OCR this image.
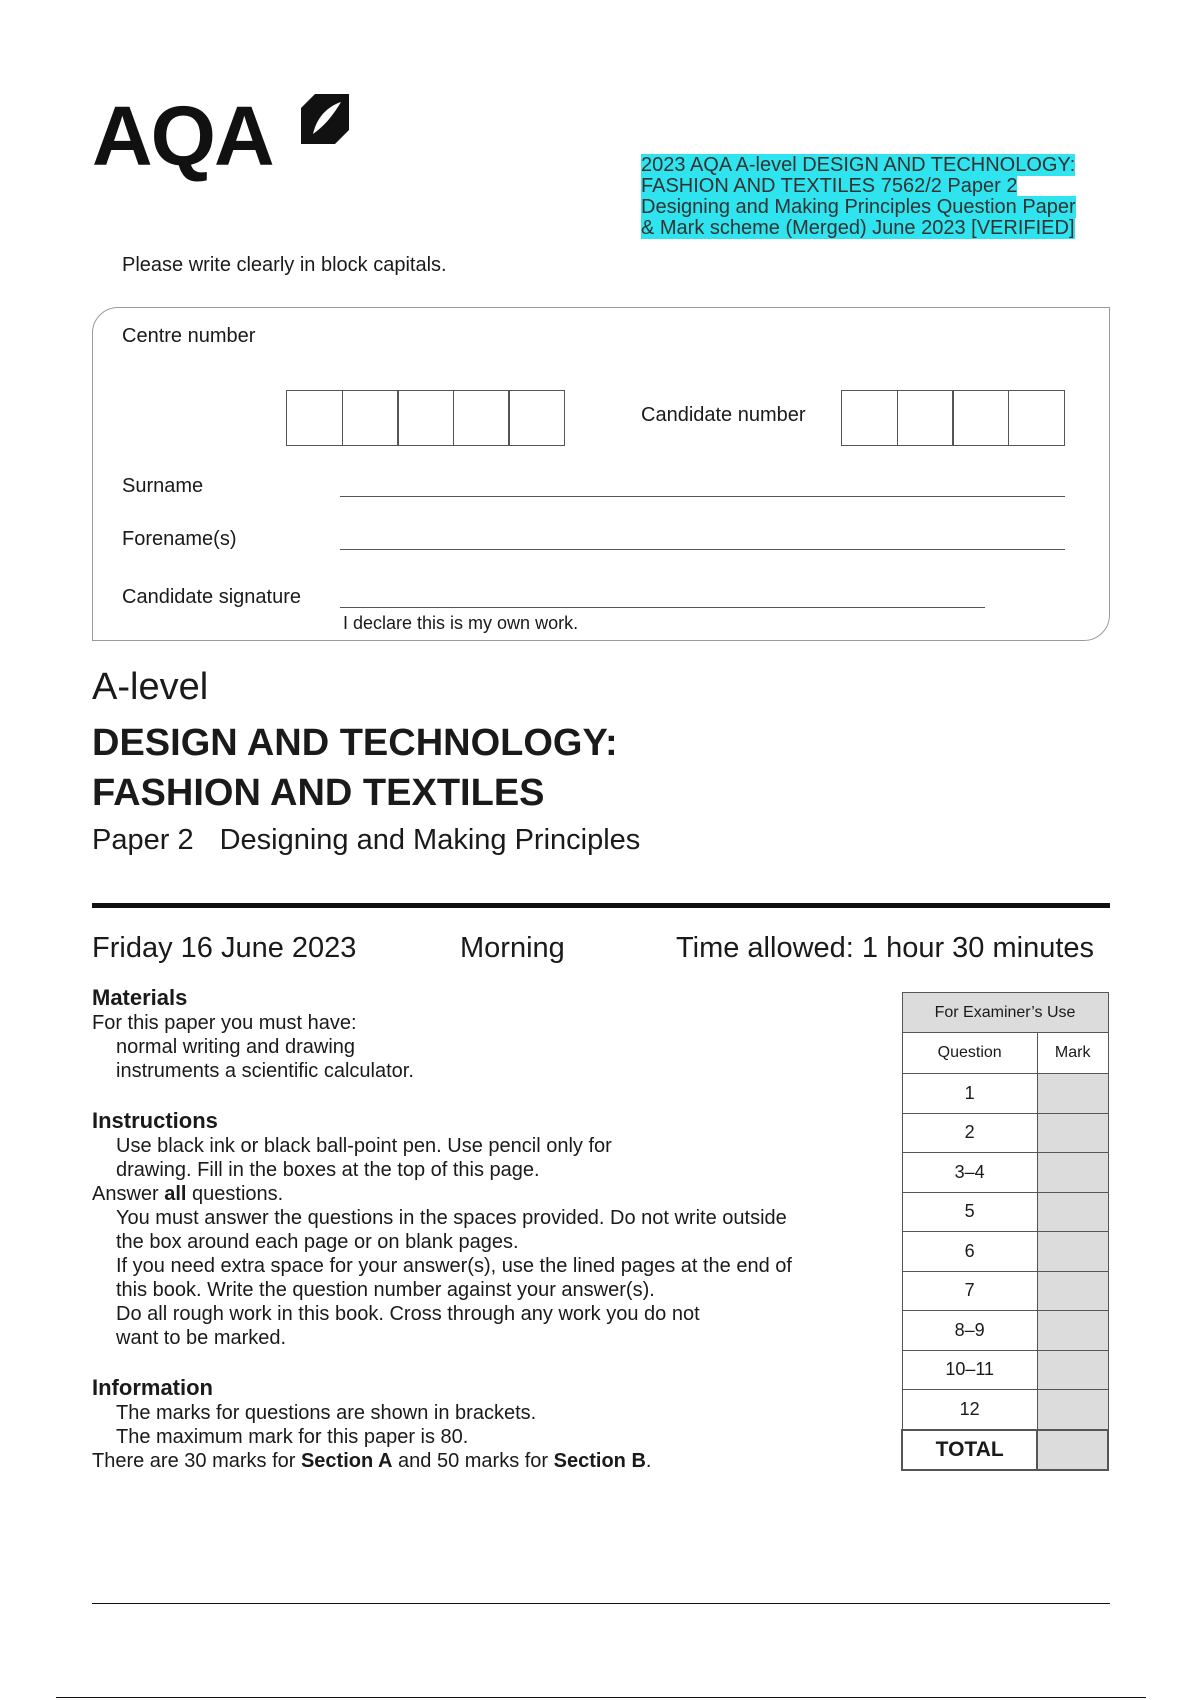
AQA	2023 AQA A-level DESIGN AND TECHNOLOGY: FASHION AND TEXTILES 7562/2 Paper 2 Designing and Making Principles Question Paper & Mark scheme (Merged) June 2023 [VERIFIED]
Please write clearly in block capitals.
Centre number
Candidate number
Surname
Forename(s)
Candidate signature
I declare this is my own work.
A-level
DESIGN AND TECHNOLOGY:
FASHION AND TEXTILES
Paper 2 Designing and Making Principles
Friday 16 June 2023	Morning	Time allowed: 1 hour 30 minutes
Materials
For this paper you must have:
normal writing and drawing
instruments a scientific calculator.
Instructions
Use black ink or black ball-point pen. Use pencil only for
drawing. Fill in the boxes at the top of this page.
Answer all questions.
You must answer the questions in the spaces provided. Do not write outside
the box around each page or on blank pages.
If you need extra space for your answer(s), use the lined pages at the end of
this book. Write the question number against your answer(s).
Do all rough work in this book. Cross through any work you do not
want to be marked.
Information
The marks for questions are shown in brackets.
The maximum mark for this paper is 80.
There are 30 marks for Section A and 50 marks for Section B.
For Examiner’s Use	
Question	Mark
1	
2	
3–4	
5	
6	
7	
8–9	
10–11	
12	
TOTAL	
